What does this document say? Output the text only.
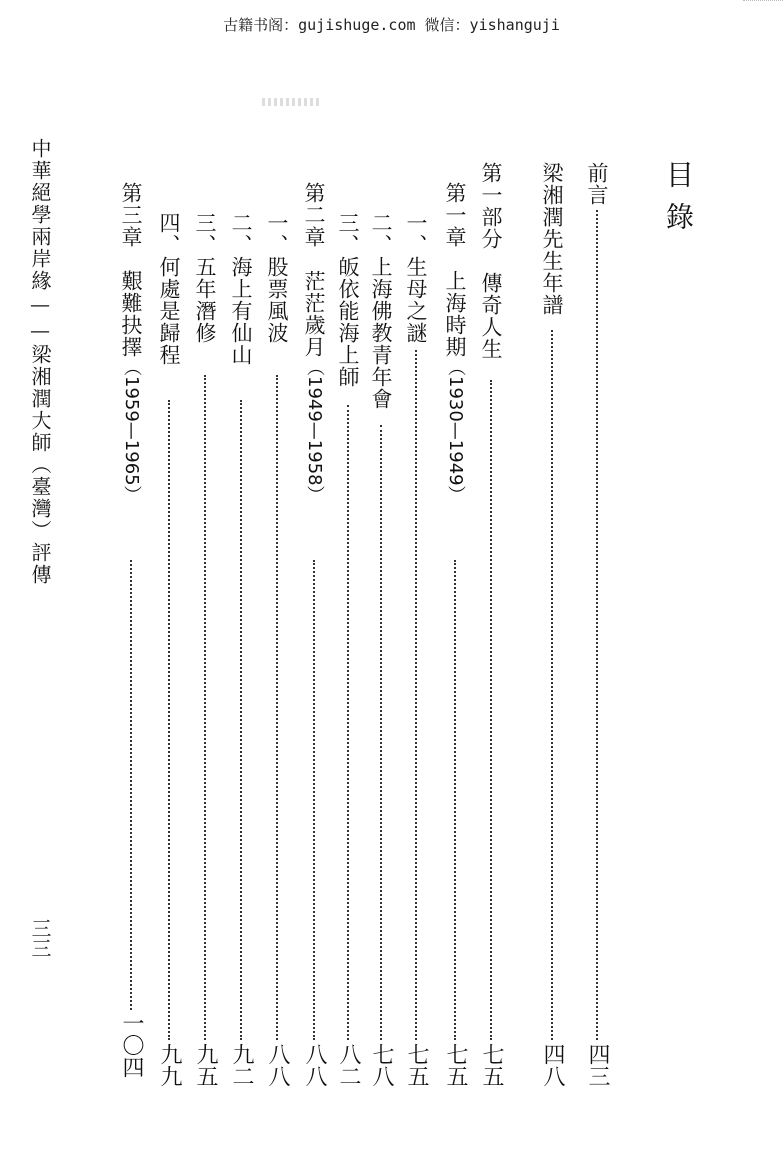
古籍书阁：gujishuge.com 微信：yishanguji
目錄
前言
四三
梁湘潤先生年譜
四八
第一部分　傳奇人生
七五
第一章　上海時期（1930—1949）
七五
一、生母之謎
七五
二、上海佛教青年會
七八
三、皈依能海上師
八二
第二章　茫茫歲月（1949—1958）
八八
一、股票風波
八八
二、海上有仙山
九二
三、五年潛修
九五
四、何處是歸程
九九
第三章　艱難抉擇（1959—1965）
一〇四
中華絕學兩岸緣——梁湘潤大師（臺灣）評傳
三三
